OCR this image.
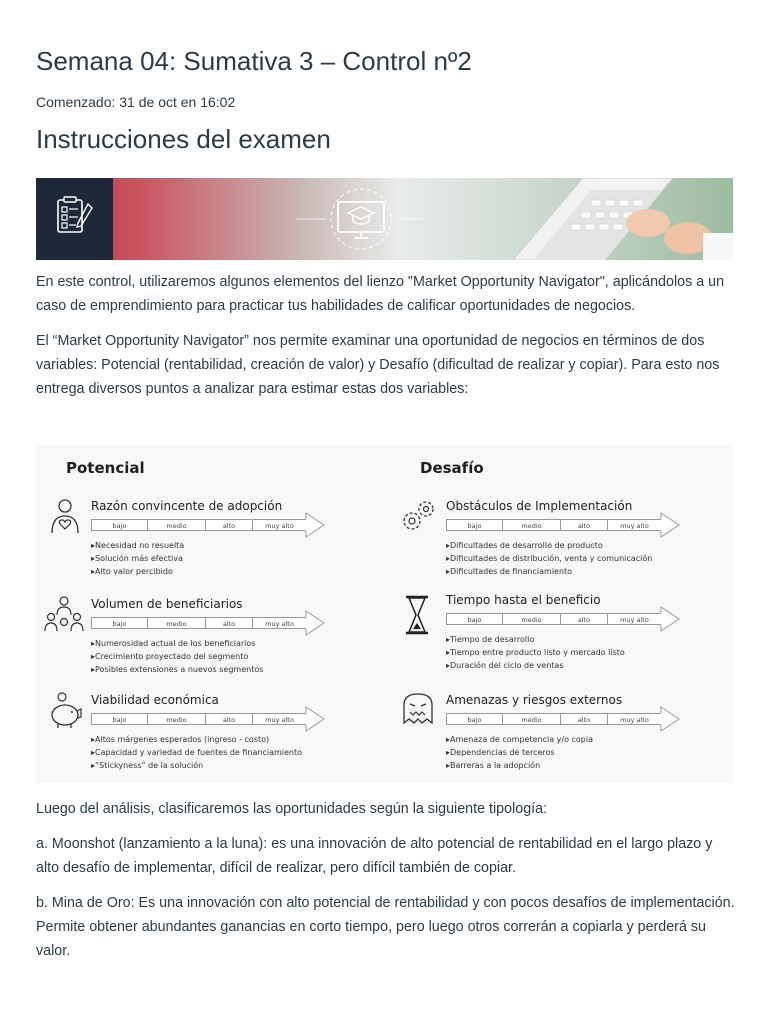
Semana 04: Sumativa 3 – Control nº2
Comenzado: 31 de oct en 16:02
Instrucciones del examen

En este control, utilizaremos algunos elementos del lienzo "Market Opportunity Navigator", aplicándolos a un caso de emprendimiento para practicar tus habilidades de calificar oportunidades de negocios.

El “Market Opportunity Navigator” nos permite examinar una oportunidad de negocios en términos de dos variables: Potencial (rentabilidad, creación de valor) y Desafío (dificultad de realizar y copiar). Para esto nos entrega diversos puntos a analizar para estimar estas dos variables:

Potencial	Desafío
Razón convincente de adopción
bajo	medio	alto	muy alto
▸ Necesidad no resuelta
▸ Solución más efectiva
▸ Alto valor percibido
Volumen de beneficiarios
bajo	medio	alto	muy alto
▸ Numerosidad actual de los beneficiarios
▸ Crecimiento proyectado del segmento
▸ Posibles extensiones a nuevos segmentos
Viabilidad económica
bajo	medio	alto	muy alto
▸ Altos márgenes esperados (ingreso - costo)
▸ Capacidad y variedad de fuentes de financiamiento
▸ “Stickyness” de la solución
Obstáculos de Implementación
bajo	medio	alto	muy alto
▸ Dificultades de desarrollo de producto
▸ Dificultades de distribución, venta y comunicación
▸ Dificultades de financiamiento
Tiempo hasta el beneficio
bajo	medio	alto	muy alto
▸ Tiempo de desarrollo
▸ Tiempo entre producto listo y mercado listo
▸ Duración del ciclo de ventas
Amenazas y riesgos externos
bajo	medio	alto	muy alto
▸ Amenaza de competencia y/o copia
▸ Dependencias de terceros
▸ Barreras a la adopción

Luego del análisis, clasificaremos las oportunidades según la siguiente tipología:

a. Moonshot (lanzamiento a la luna): es una innovación de alto potencial de rentabilidad en el largo plazo y alto desafío de implementar, difícil de realizar, pero difícil también de copiar.

b. Mina de Oro: Es una innovación con alto potencial de rentabilidad y con pocos desafíos de implementación. Permite obtener abundantes ganancias en corto tiempo, pero luego otros correrán a copiarla y perderá su valor.
